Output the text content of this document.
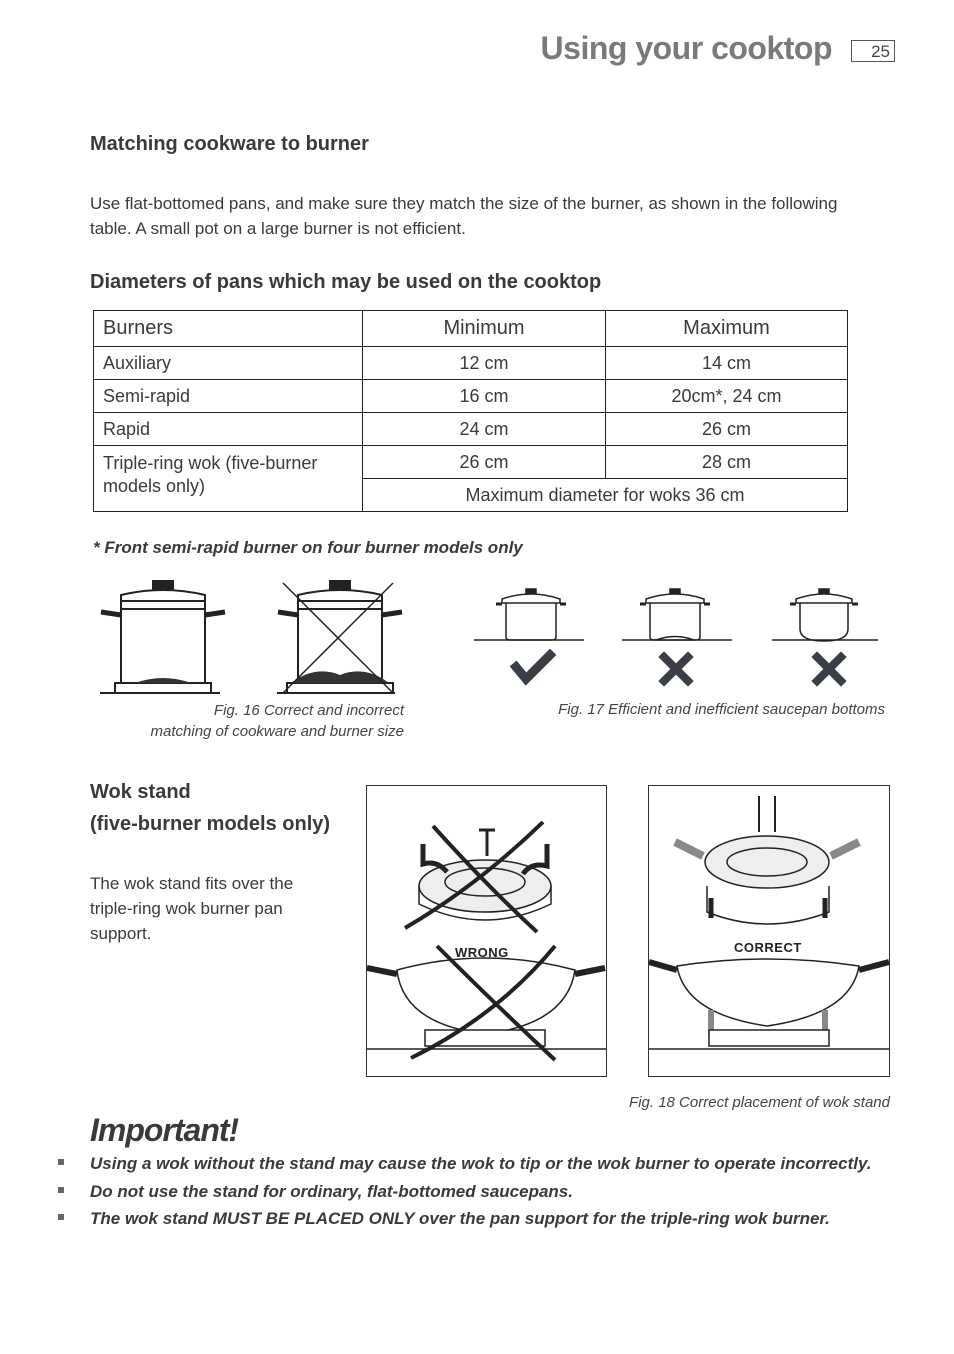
Using your cooktop	25
Matching cookware to burner
Use flat-bottomed pans, and make sure they match the size of the burner, as shown in the following table. A small pot on a large burner is not efficient.
Diameters of pans which may be used on the cooktop
Burners	Minimum	Maximum
Auxiliary	12 cm	14 cm
Semi-rapid	16 cm	20cm*, 24 cm
Rapid	24 cm	26 cm
Triple-ring wok (five-burner models only)	26 cm	28 cm
	Maximum diameter for woks 36 cm	
* Front semi-rapid burner on four burner models only
Fig. 16 Correct and incorrect
matching of cookware and burner size
Fig. 17 Efficient and inefficient saucepan bottoms
Wok stand
(five-burner models only)
The wok stand fits over the triple-ring wok burner pan support.
WRONG	CORRECT
Fig. 18 Correct placement of wok stand
Important!
Using a wok without the stand may cause the wok to tip or the wok burner to operate incorrectly.
Do not use the stand for ordinary, flat-bottomed saucepans.
The wok stand MUST BE PLACED ONLY over the pan support for the triple-ring wok burner.
